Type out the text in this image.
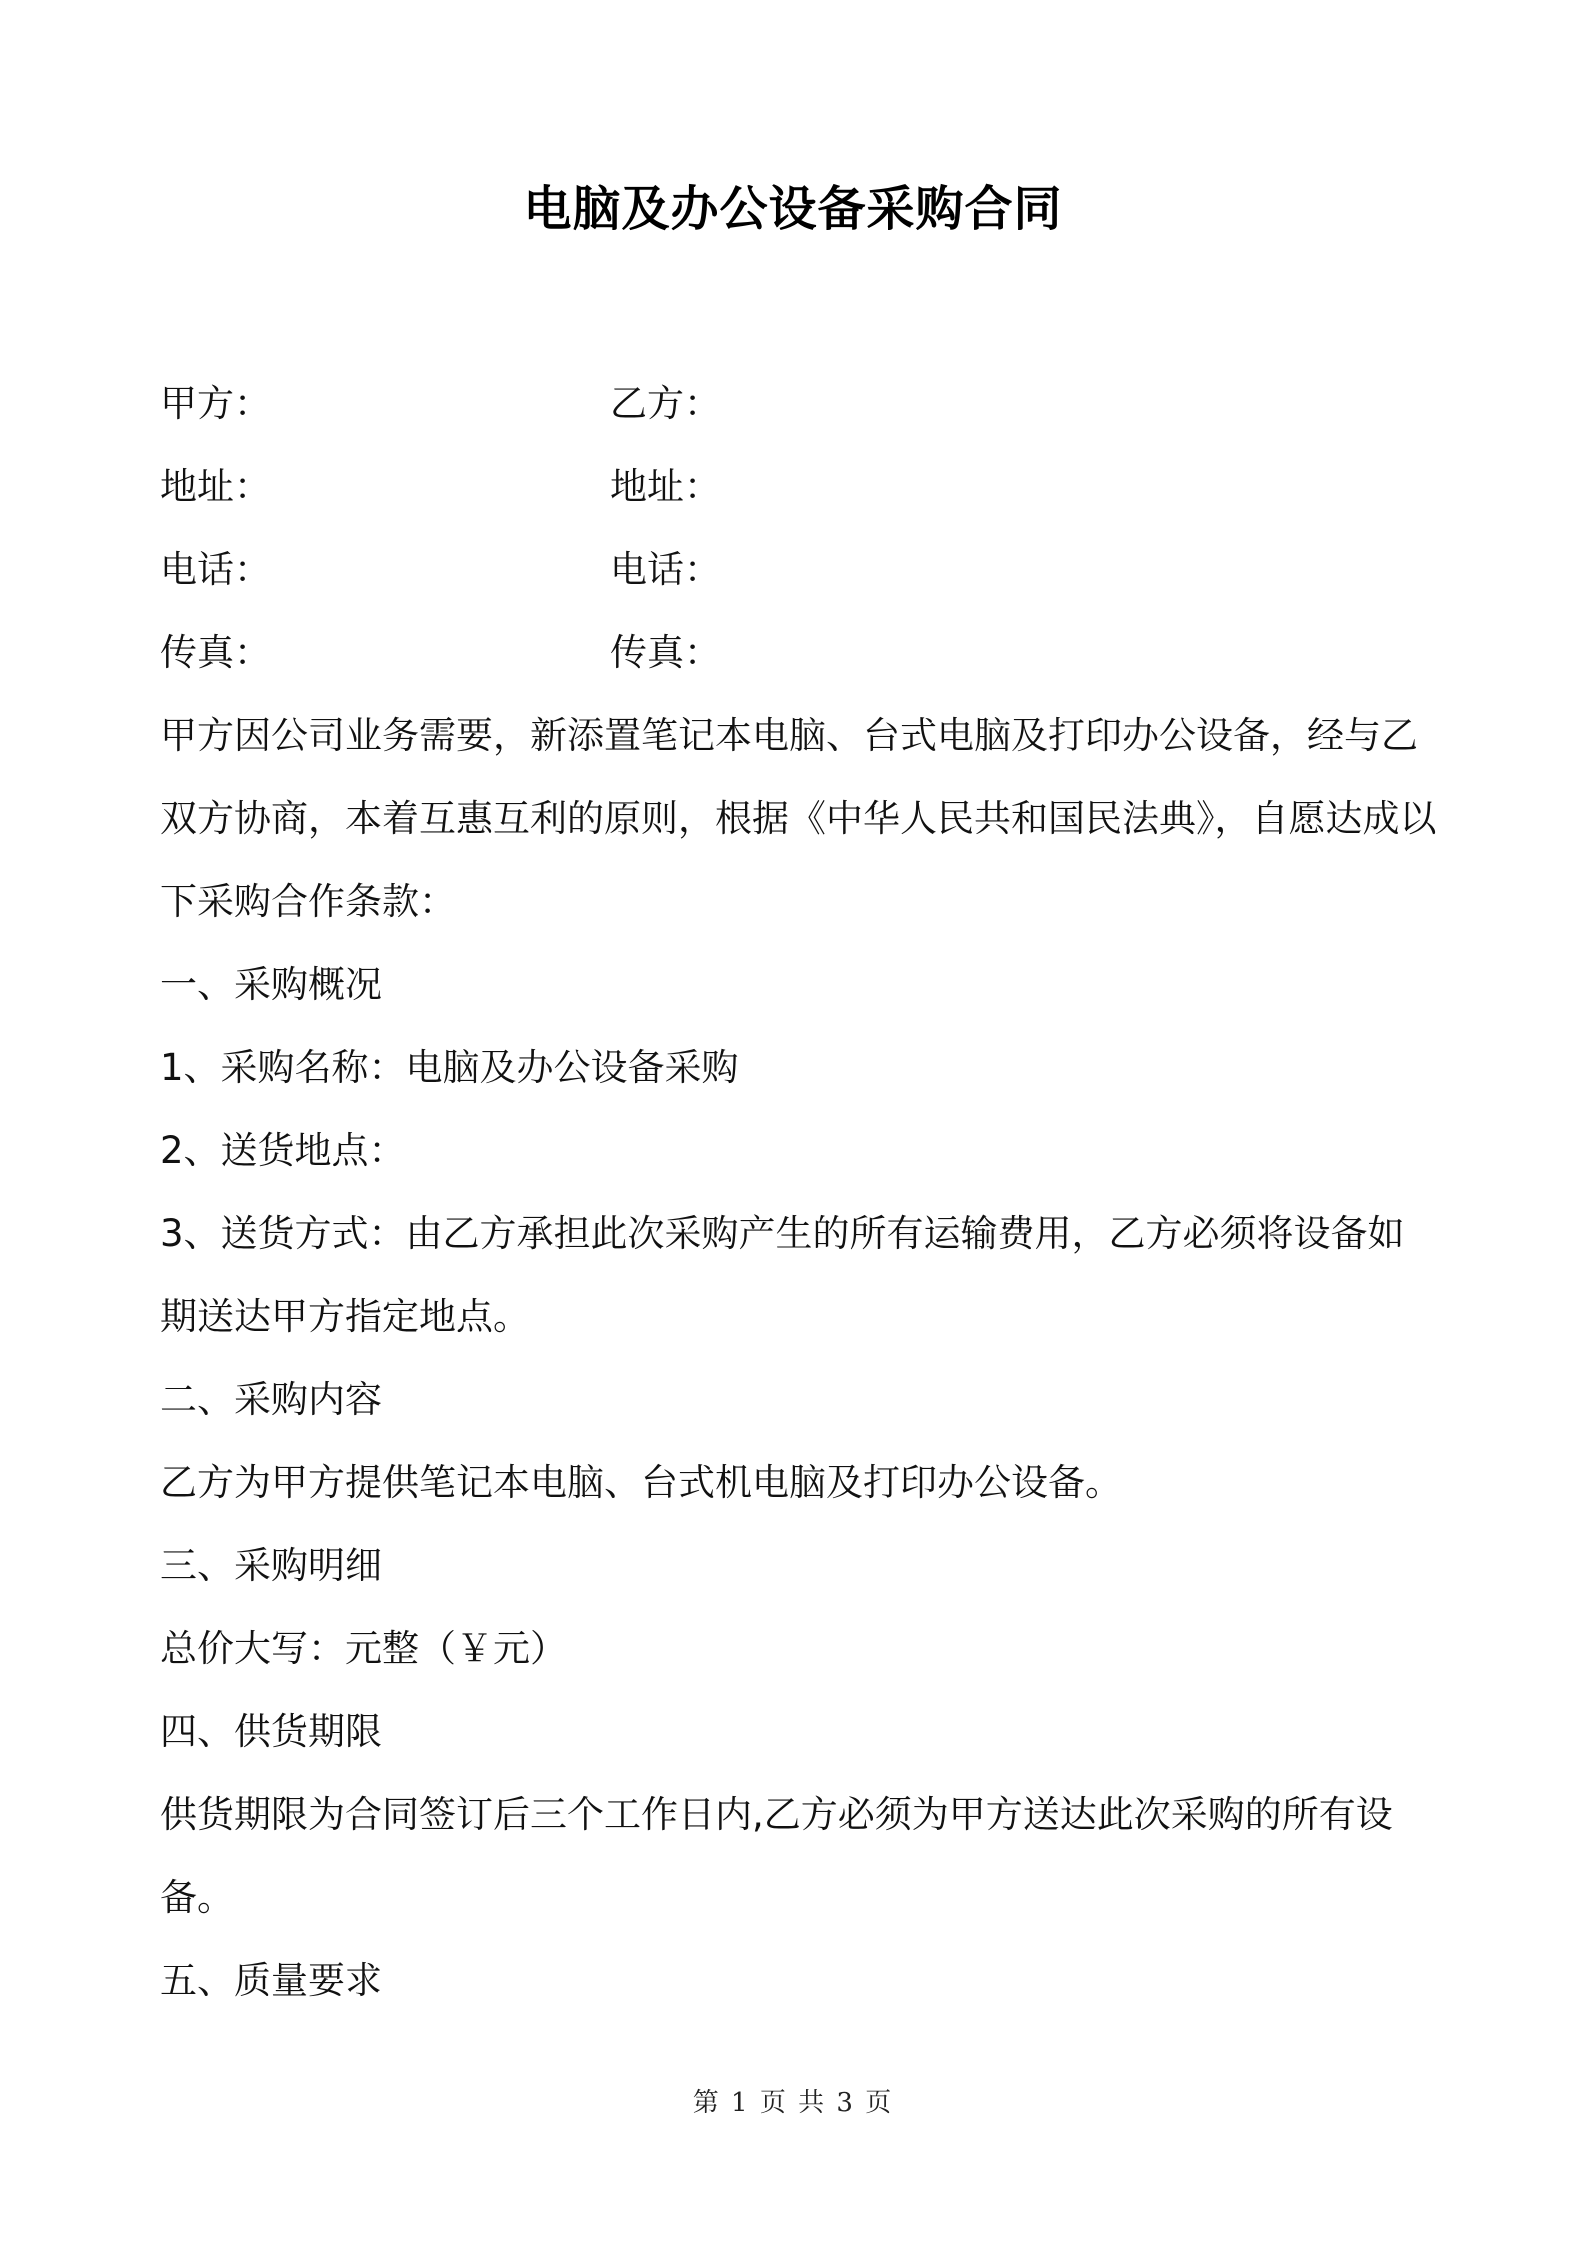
电脑及办公设备采购合同
甲方：	乙方：
地址：	地址：
电话：	电话：
传真：	传真：
甲方因公司业务需要，新添置笔记本电脑、台式电脑及打印办公设备，经与乙
双方协商，本着互惠互利的原则，根据《中华人民共和国民法典》，自愿达成以
下采购合作条款：
一、采购概况
1、采购名称：电脑及办公设备采购
2、送货地点：
3、送货方式：由乙方承担此次采购产生的所有运输费用，乙方必须将设备如
期送达甲方指定地点。
二、采购内容
乙方为甲方提供笔记本电脑、台式机电脑及打印办公设备。
三、采购明细
总价大写：元整（￥元）
四、供货期限
供货期限为合同签订后三个工作日内,乙方必须为甲方送达此次采购的所有设
备。
五、质量要求
第 1 页 共 3 页
